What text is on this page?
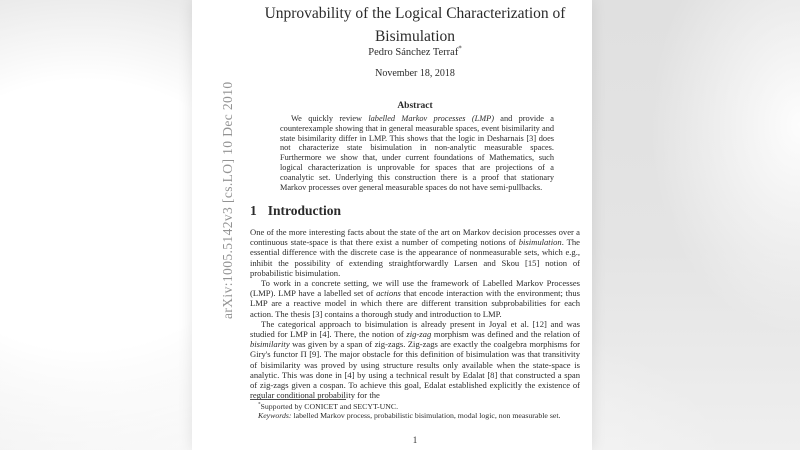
arXiv:1005.5142v3 [cs.LO] 10 Dec 2010
Unprovability of the Logical Characterization of
Bisimulation
Pedro Sánchez Terraf*
November 18, 2018
Abstract
We quickly review labelled Markov processes (LMP) and provide a counterexample showing that in general measurable spaces, event bisimilarity and state bisimilarity differ in LMP. This shows that the logic in Desharnais [3] does not characterize state bisimulation in non-analytic measurable spaces. Furthermore we show that, under current foundations of Mathematics, such logical characterization is unprovable for spaces that are projections of a coanalytic set. Underlying this construction there is a proof that stationary Markov processes over general measurable spaces do not have semi-pullbacks.
1 Introduction

One of the more interesting facts about the state of the art on Markov decision processes over a continuous state-space is that there exist a number of competing notions of bisimulation. The essential difference with the discrete case is the appearance of nonmeasurable sets, which e.g., inhibit the possibility of extending straightforwardly Larsen and Skou [15] notion of probabilistic bisimulation.

To work in a concrete setting, we will use the framework of Labelled Markov Processes (LMP). LMP have a labelled set of actions that encode interaction with the environment; thus LMP are a reactive model in which there are different transition subprobabilities for each action. The thesis [3] contains a thorough study and introduction to LMP.

The categorical approach to bisimulation is already present in Joyal et al. [12] and was studied for LMP in [4]. There, the notion of zig-zag morphism was defined and the relation of bisimilarity was given by a span of zig-zags. Zig-zags are exactly the coalgebra morphisms for Giry's functor Π [9]. The major obstacle for this definition of bisimulation was that transitivity of bisimilarity was proved by using structure results only available when the state-space is analytic. This was done in [4] by using a technical result by Edalat [8] that constructed a span of zig-zags given a cospan. To achieve this goal, Edalat established explicitly the existence of regular conditional probability for the

*Supported by CONICET and SECYT-UNC.
Keywords: labelled Markov process, probabilistic bisimulation, modal logic, non measurable set.
1
